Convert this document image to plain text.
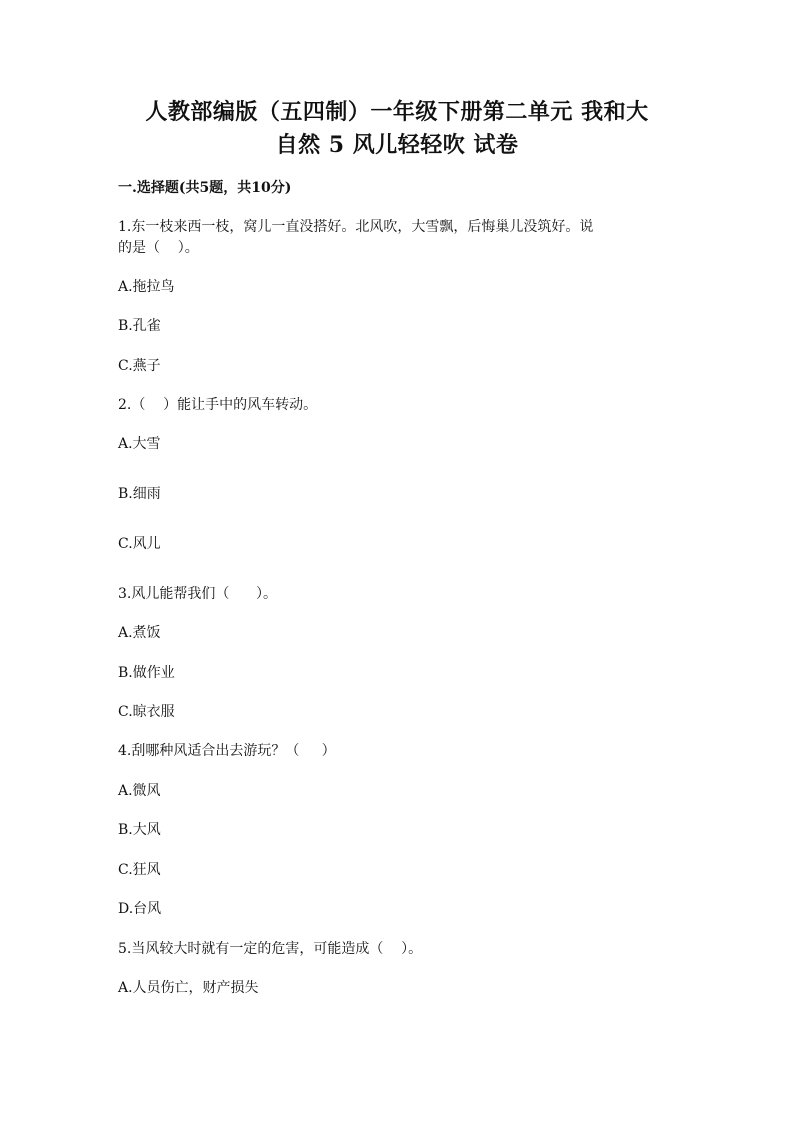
人教部编版（五四制）一年级下册第二单元 我和大
自然 5 风儿轻轻吹 试卷

一.选择题(共5题，共10分)

1.东一枝来西一枝，窝儿一直没搭好。北风吹，大雪飘，后悔巢儿没筑好。说

的是（    ）。

A.拖拉鸟

B.孔雀

C.燕子

2.（    ）能让手中的风车转动。

A.大雪

B.细雨

C.风儿

3.风儿能帮我们（      ）。

A.煮饭

B.做作业

C.晾衣服

4.刮哪种风适合出去游玩？（     ）

A.微风

B.大风

C.狂风

D.台风

5.当风较大时就有一定的危害，可能造成（    ）。

A.人员伤亡，财产损失
